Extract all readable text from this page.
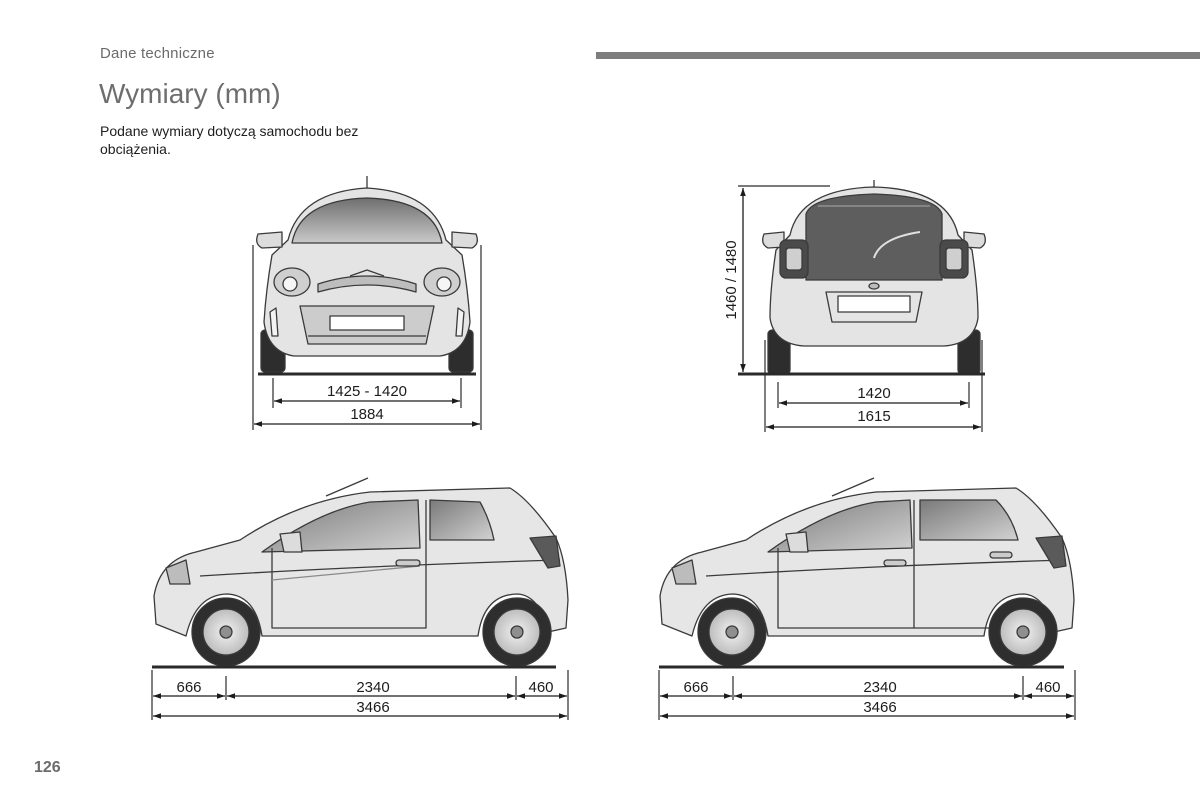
Dane techniczne
Wymiary (mm)
Podane wymiary dotyczą samochodu bez obciążenia.
1425 - 1420
1884
1460 / 1480
1420
1615
666	2340	460
3466
666	2340	460
3466
126
